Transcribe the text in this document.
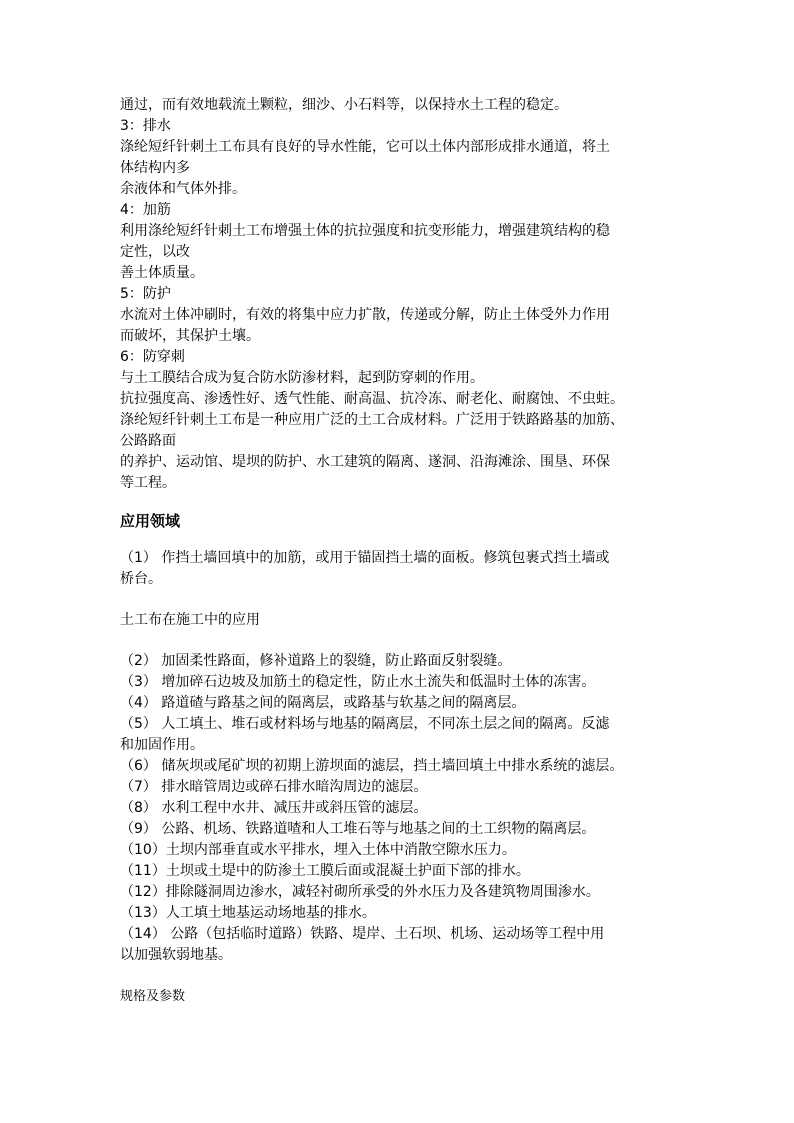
通过，而有效地载流土颗粒，细沙、小石料等，以保持水土工程的稳定。
3：排水
涤纶短纤针刺土工布具有良好的导水性能，它可以土体内部形成排水通道，将土
体结构内多
余液体和气体外排。
4：加筋
利用涤纶短纤针刺土工布增强土体的抗拉强度和抗变形能力，增强建筑结构的稳
定性，以改
善土体质量。
5：防护
水流对土体冲刷时，有效的将集中应力扩散，传递或分解，防止土体受外力作用
而破坏，其保护土壤。
6：防穿刺
与土工膜结合成为复合防水防渗材料，起到防穿刺的作用。
抗拉强度高、渗透性好、透气性能、耐高温、抗冷冻、耐老化、耐腐蚀、不虫蛀。
涤纶短纤针刺土工布是一种应用广泛的土工合成材料。广泛用于铁路路基的加筋、
公路路面
的养护、运动馆、堤坝的防护、水工建筑的隔离、遂洞、沿海滩涂、围垦、环保
等工程。
应用领域
（1） 作挡土墙回填中的加筋，或用于锚固挡土墙的面板。修筑包裹式挡土墙或
桥台。
土工布在施工中的应用
（2） 加固柔性路面，修补道路上的裂缝，防止路面反射裂缝。
（3） 增加碎石边坡及加筋土的稳定性，防止水土流失和低温时土体的冻害。
（4） 路道碴与路基之间的隔离层，或路基与软基之间的隔离层。
（5） 人工填土、堆石或材料场与地基的隔离层，不同冻土层之间的隔离。反滤
和加固作用。
（6） 储灰坝或尾矿坝的初期上游坝面的滤层，挡土墙回填土中排水系统的滤层。
（7） 排水暗管周边或碎石排水暗沟周边的滤层。
（8） 水利工程中水井、减压井或斜压管的滤层。
（9） 公路、机场、铁路道喳和人工堆石等与地基之间的土工织物的隔离层。
（10）土坝内部垂直或水平排水，埋入土体中消散空隙水压力。
（11）土坝或土堤中的防渗土工膜后面或混凝土护面下部的排水。
（12）排除隧洞周边渗水，减轻衬砌所承受的外水压力及各建筑物周围渗水。
（13）人工填土地基运动场地基的排水。
（14） 公路（包括临时道路）铁路、堤岸、土石坝、机场、运动场等工程中用
以加强软弱地基。
规格及参数
